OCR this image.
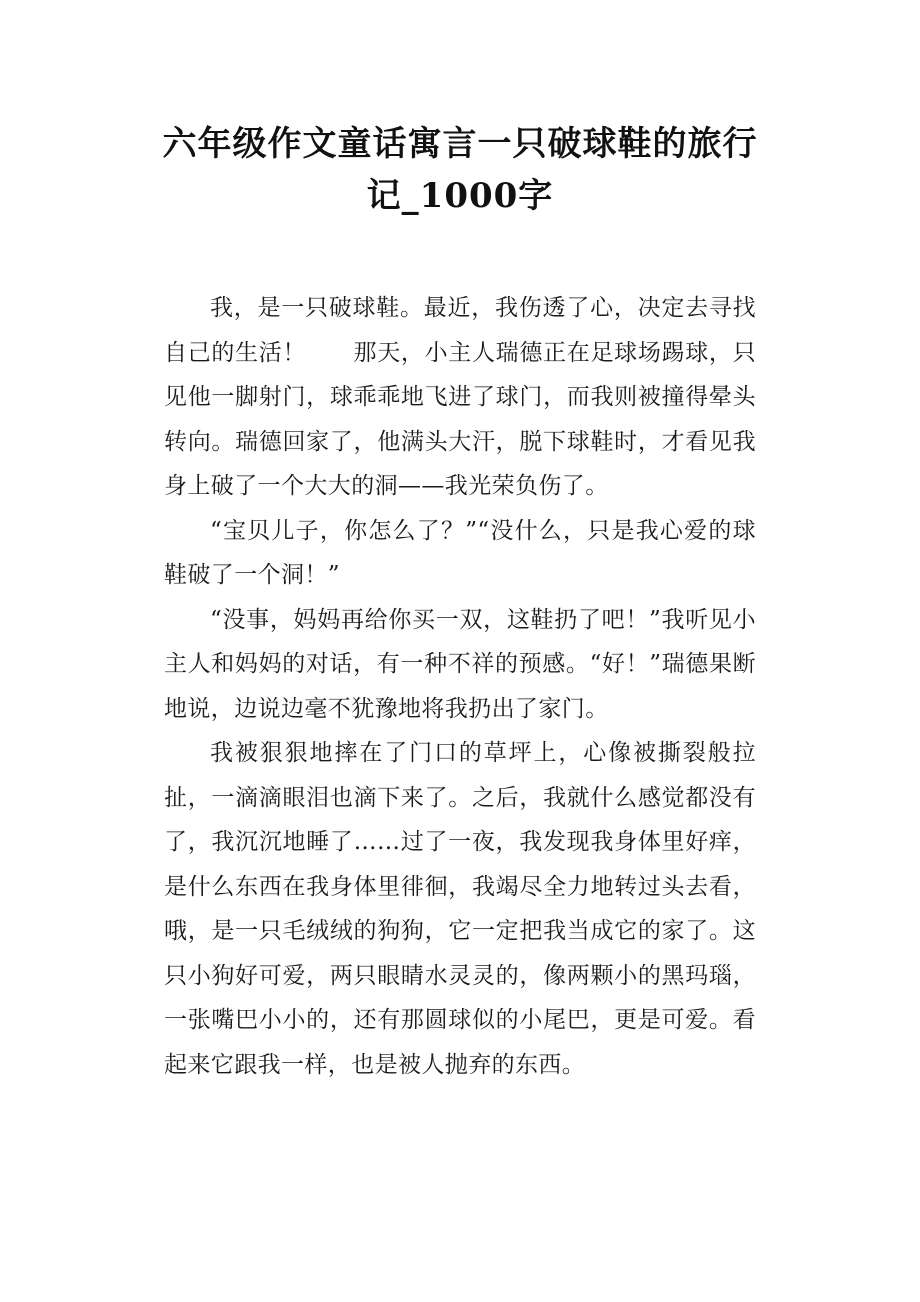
六年级作文童话寓言一只破球鞋的旅行记_1000字

我，是一只破球鞋。最近，我伤透了心，决定去寻找自己的生活！　　那天，小主人瑞德正在足球场踢球，只见他一脚射门，球乖乖地飞进了球门，而我则被撞得晕头转向。瑞德回家了，他满头大汗，脱下球鞋时，才看见我身上破了一个大大的洞——我光荣负伤了。

“宝贝儿子，你怎么了？”“没什么，只是我心爱的球鞋破了一个洞！”

“没事，妈妈再给你买一双，这鞋扔了吧！”我听见小主人和妈妈的对话，有一种不祥的预感。“好！”瑞德果断地说，边说边毫不犹豫地将我扔出了家门。

我被狠狠地摔在了门口的草坪上，心像被撕裂般拉扯，一滴滴眼泪也滴下来了。之后，我就什么感觉都没有了，我沉沉地睡了……过了一夜，我发现我身体里好痒，是什么东西在我身体里徘徊，我竭尽全力地转过头去看，哦，是一只毛绒绒的狗狗，它一定把我当成它的家了。这只小狗好可爱，两只眼睛水灵灵的，像两颗小的黑玛瑙，一张嘴巴小小的，还有那圆球似的小尾巴，更是可爱。看起来它跟我一样，也是被人抛弃的东西。
